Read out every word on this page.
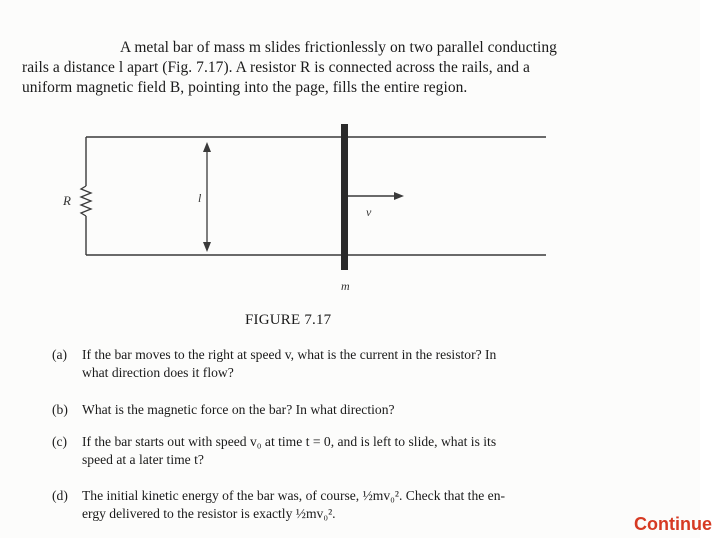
A metal bar of mass m slides frictionlessly on two parallel conducting
rails a distance l apart (Fig. 7.17). A resistor R is connected across the rails, and a
uniform magnetic field B, pointing into the page, fills the entire region.
R	l
v
m
FIGURE 7.17
(a) If the bar moves to the right at speed v, what is the current in the resistor? In
what direction does it flow?
(b) What is the magnetic force on the bar? In what direction?
(c) If the bar starts out with speed v₀ at time t = 0, and is left to slide, what is its
speed at a later time t?
(d) The initial kinetic energy of the bar was, of course, ½mv₀². Check that the en-
ergy delivered to the resistor is exactly ½mv₀².
Continue
